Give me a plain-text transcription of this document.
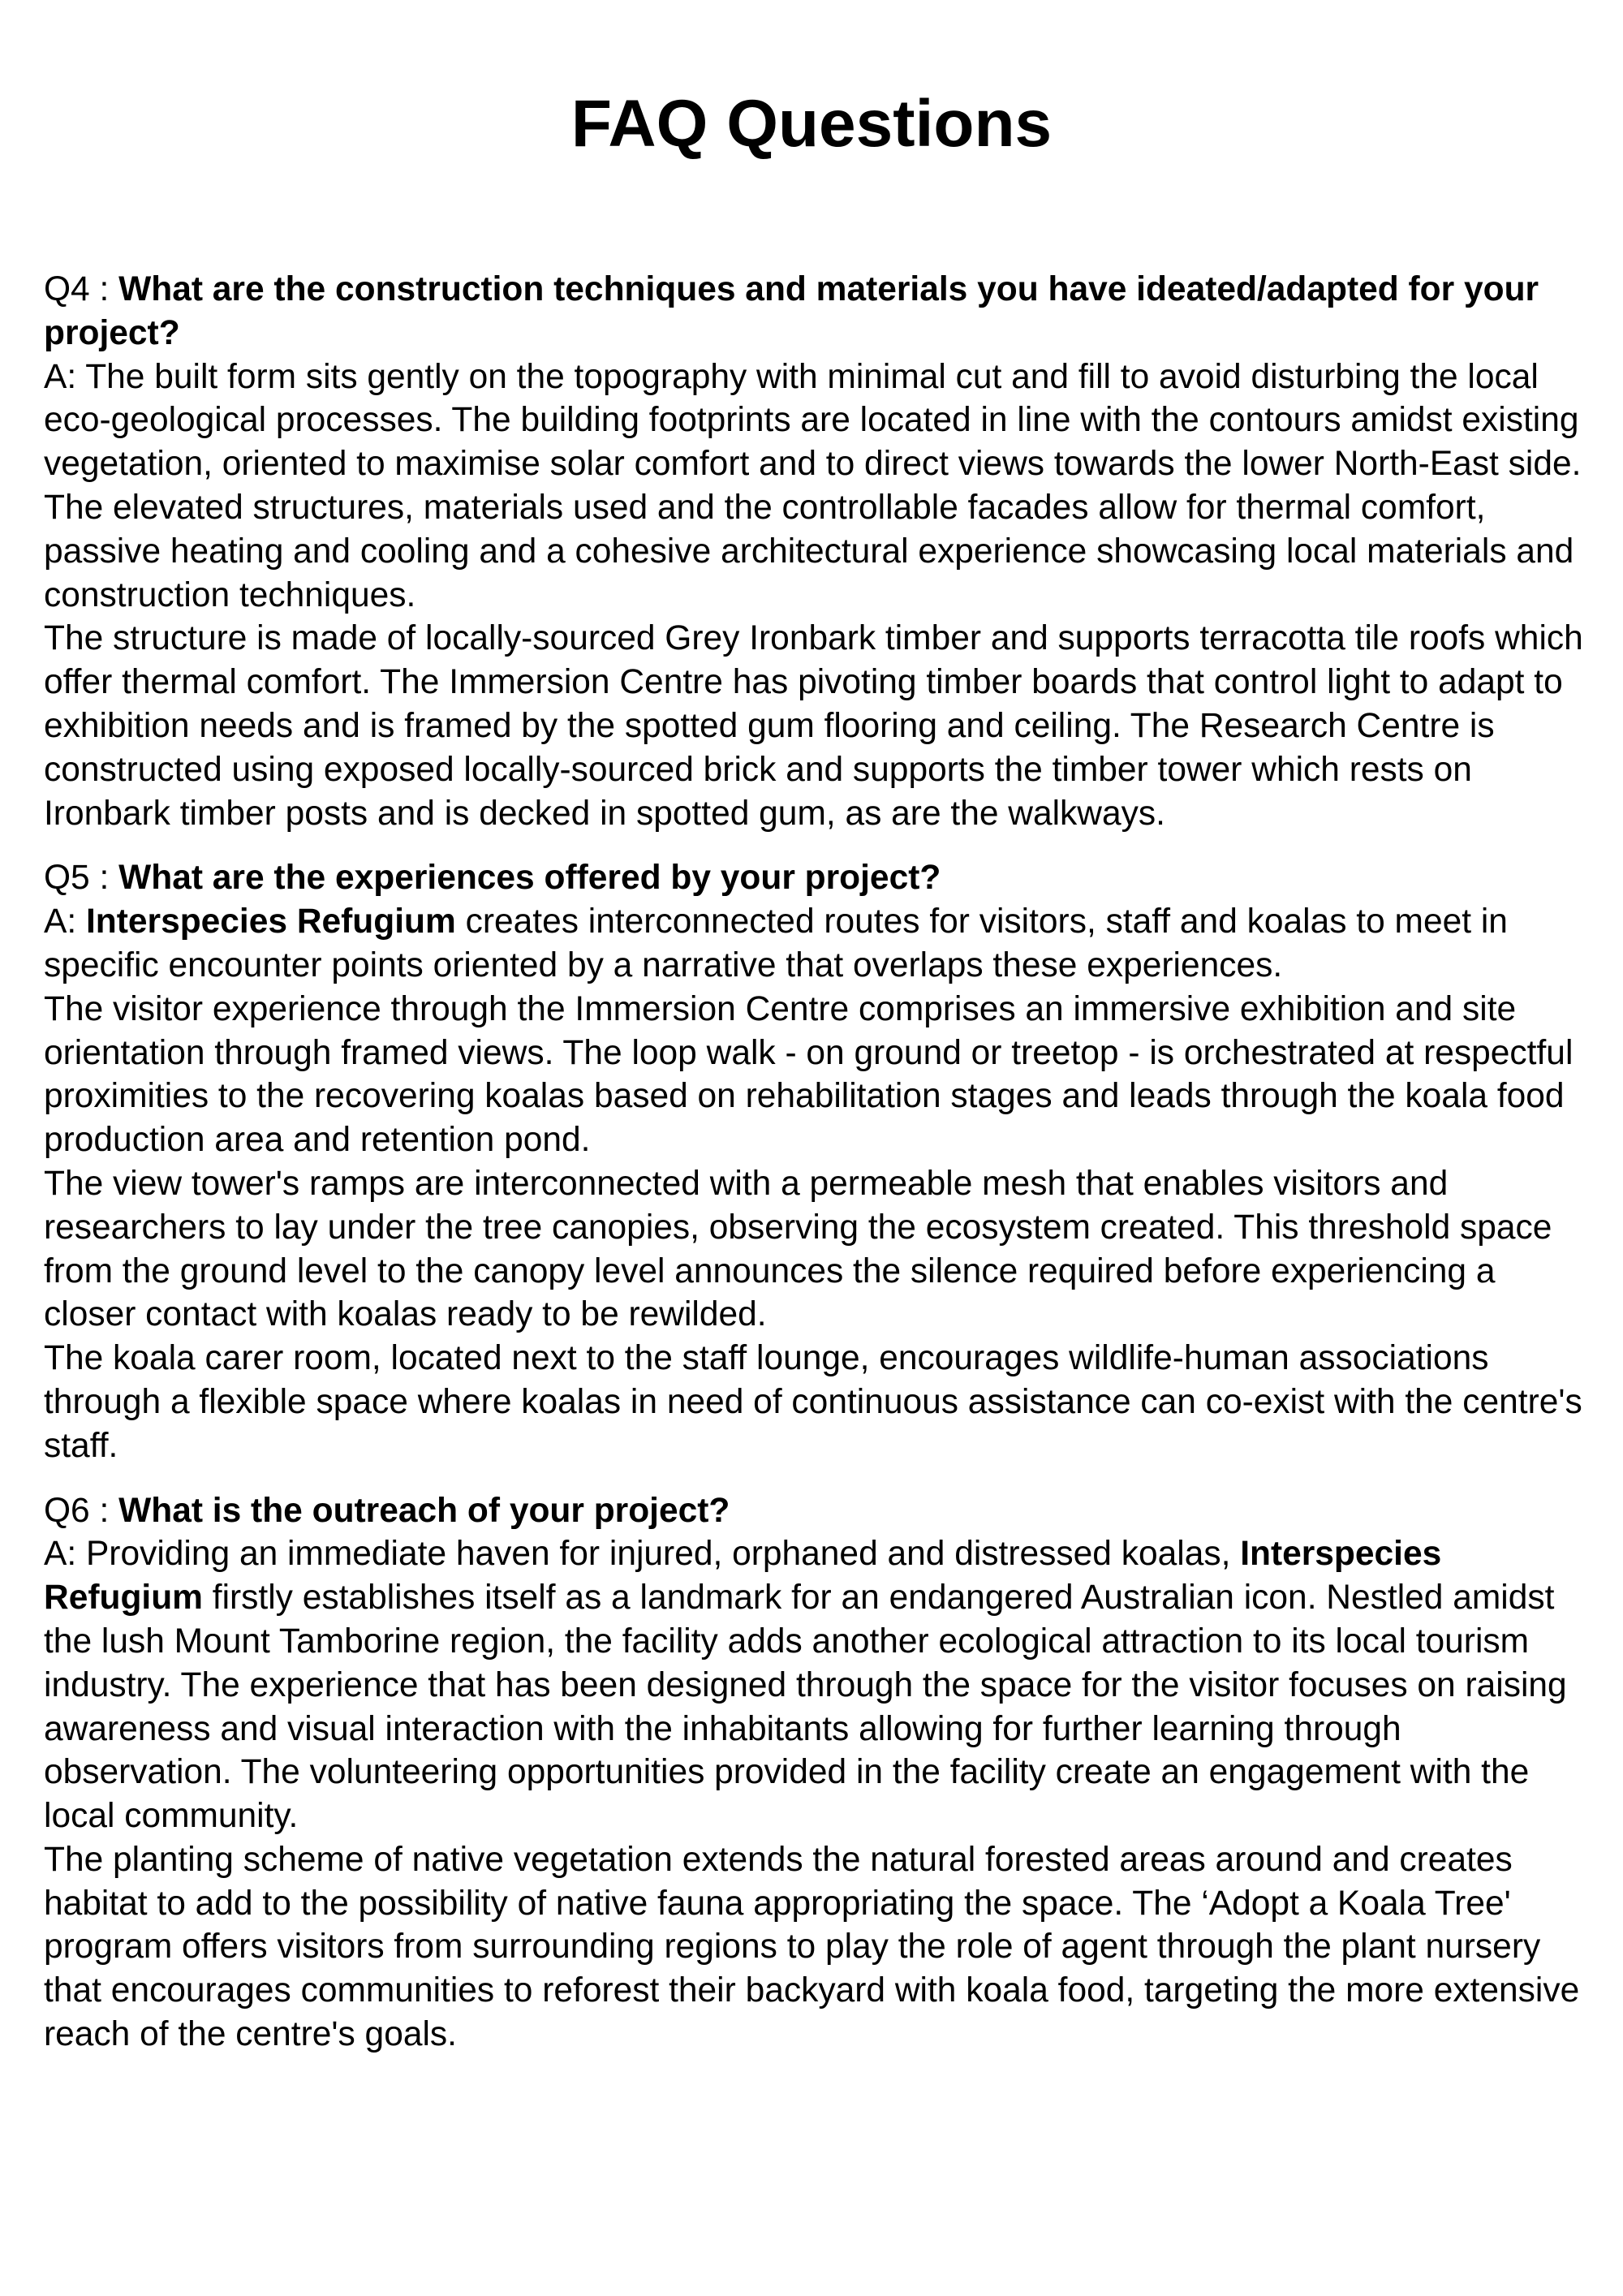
FAQ Questions

Q4 : What are the construction techniques and materials you have ideated/adapted for your project?

A: The built form sits gently on the topography with minimal cut and fill to avoid disturbing the local eco-geological processes. The building footprints are located in line with the contours amidst existing vegetation, oriented to maximise solar comfort and to direct views towards the lower North-East side. The elevated structures, materials used and the controllable facades allow for thermal comfort, passive heating and cooling and a cohesive architectural experience showcasing local materials and construction techniques.

The structure is made of locally-sourced Grey Ironbark timber and supports terracotta tile roofs which offer thermal comfort. The Immersion Centre has pivoting timber boards that control light to adapt to exhibition needs and is framed by the spotted gum flooring and ceiling. The Research Centre is constructed using exposed locally-sourced brick and supports the timber tower which rests on Ironbark timber posts and is decked in spotted gum, as are the walkways.

Q5 : What are the experiences offered by your project?

A: Interspecies Refugium creates interconnected routes for visitors, staff and koalas to meet in specific encounter points oriented by a narrative that overlaps these experiences.

The visitor experience through the Immersion Centre comprises an immersive exhibition and site orientation through framed views. The loop walk - on ground or treetop - is orchestrated at respectful proximities to the recovering koalas based on rehabilitation stages and leads through the koala food production area and retention pond.

The view tower's ramps are interconnected with a permeable mesh that enables visitors and researchers to lay under the tree canopies, observing the ecosystem created. This threshold space from the ground level to the canopy level announces the silence required before experiencing a closer contact with koalas ready to be rewilded.

The koala carer room, located next to the staff lounge, encourages wildlife-human associations through a flexible space where koalas in need of continuous assistance can co-exist with the centre's staff.

Q6 : What is the outreach of your project?

A: Providing an immediate haven for injured, orphaned and distressed koalas, Interspecies Refugium firstly establishes itself as a landmark for an endangered Australian icon. Nestled amidst the lush Mount Tamborine region, the facility adds another ecological attraction to its local tourism industry. The experience that has been designed through the space for the visitor focuses on raising awareness and visual interaction with the inhabitants allowing for further learning through observation. The volunteering opportunities provided in the facility create an engagement with the local community.

The planting scheme of native vegetation extends the natural forested areas around and creates habitat to add to the possibility of native fauna appropriating the space. The ‘Adopt a Koala Tree' program offers visitors from surrounding regions to play the role of agent through the plant nursery that encourages communities to reforest their backyard with koala food, targeting the more extensive reach of the centre's goals.
